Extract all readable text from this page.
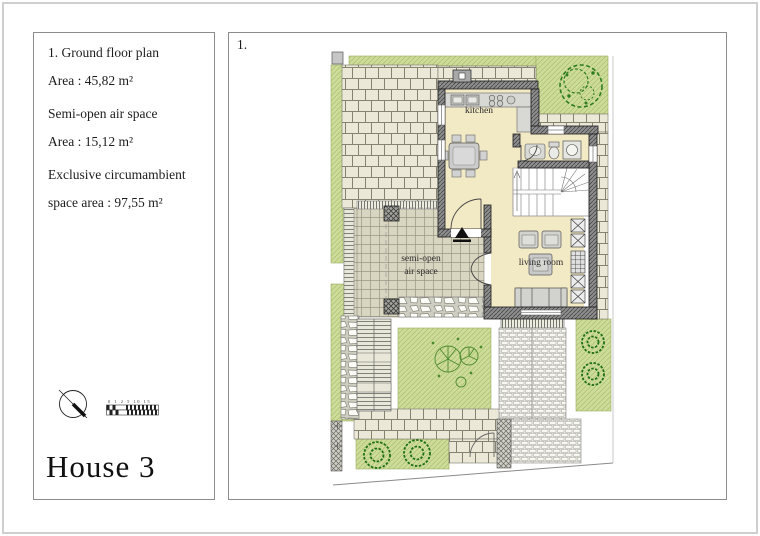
1. Ground floor plan
Area : 45,82 m²
Semi-open air space
Area : 15,12 m²
Exclusive circumambient
space area : 97,55 m²
0 1 2 5 10 15
House 3
1.
kitchen
living room
semi-open
air space
